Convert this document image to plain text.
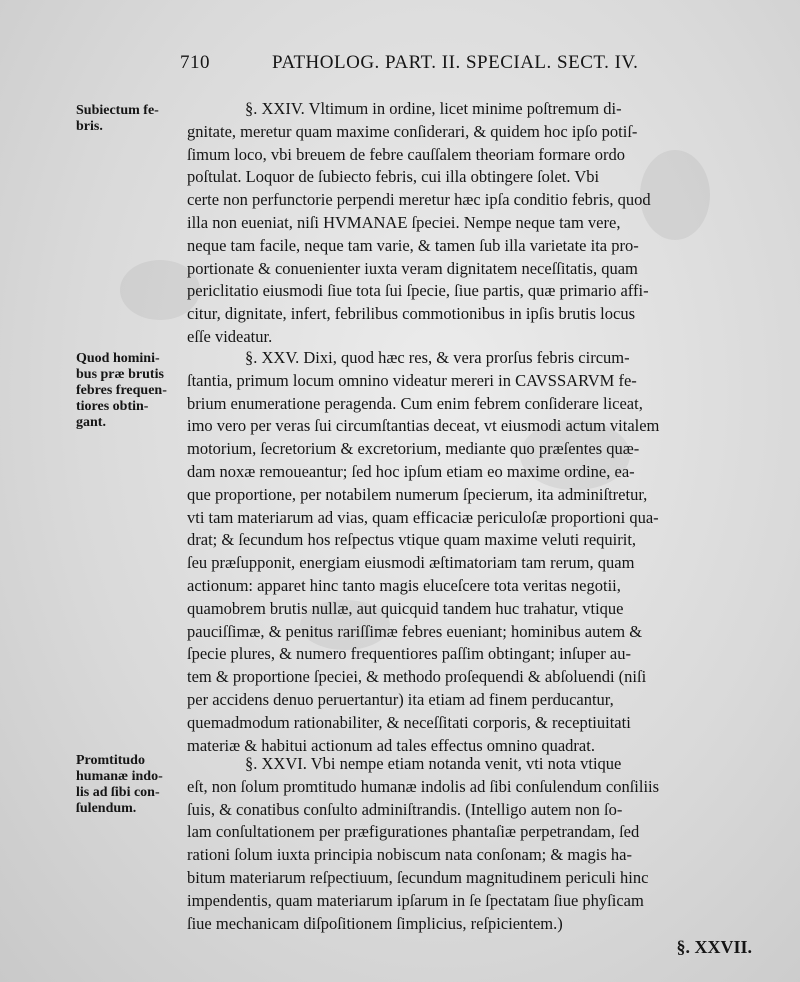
710	PATHOLOG. PART. II. SPECIAL. SECT. IV.
Subiectum fe-
bris.
§. XXIV. Vltimum in ordine, licet minime poſtremum di-
gnitate, meretur quam maxime conſiderari, & quidem hoc ipſo potiſ-
ſimum loco, vbi breuem de febre cauſſalem theoriam formare ordo
poſtulat. Loquor de ſubiecto febris, cui illa obtingere ſolet. Vbi
certe non perfunctorie perpendi meretur hæc ipſa conditio febris, quod
illa non eueniat, niſi HVMANAE ſpeciei. Nempe neque tam vere,
neque tam facile, neque tam varie, & tamen ſub illa varietate ita pro-
portionate & conuenienter iuxta veram dignitatem neceſſitatis, quam
periclitatio eiusmodi ſiue tota ſui ſpecie, ſiue partis, quæ primario affi-
citur, dignitate, infert, febrilibus commotionibus in ipſis brutis locus
eſſe videatur.
Quod homini-
bus præ brutis
febres frequen-
tiores obtin-
gant.
§. XXV. Dixi, quod hæc res, & vera prorſus febris circum-
ſtantia, primum locum omnino videatur mereri in CAVSSARVM fe-
brium enumeratione peragenda. Cum enim febrem conſiderare liceat,
imo vero per veras ſui circumſtantias deceat, vt eiusmodi actum vitalem
motorium, ſecretorium & excretorium, mediante quo præſentes quæ-
dam noxæ remoueantur; ſed hoc ipſum etiam eo maxime ordine, ea-
que proportione, per notabilem numerum ſpecierum, ita adminiſtretur,
vti tam materiarum ad vias, quam efficaciæ periculoſæ proportioni qua-
drat; & ſecundum hos reſpectus vtique quam maxime veluti requirit,
ſeu præſupponit, energiam eiusmodi æſtimatoriam tam rerum, quam
actionum: apparet hinc tanto magis eluceſcere tota veritas negotii,
quamobrem brutis nullæ, aut quicquid tandem huc trahatur, vtique
pauciſſimæ, & penitus rariſſimæ febres eueniant; hominibus autem &
ſpecie plures, & numero frequentiores paſſim obtingant; inſuper au-
tem & proportione ſpeciei, & methodo proſequendi & abſoluendi (niſi
per accidens denuo peruertantur) ita etiam ad finem perducantur,
quemadmodum rationabiliter, & neceſſitati corporis, & receptiuitati
materiæ & habitui actionum ad tales effectus omnino quadrat.
Promtitudo
humanæ indo-
lis ad ſibi con-
ſulendum.
§. XXVI. Vbi nempe etiam notanda venit, vti nota vtique
eſt, non ſolum promtitudo humanæ indolis ad ſibi conſulendum conſiliis
ſuis, & conatibus conſulto adminiſtrandis. (Intelligo autem non ſo-
lam conſultationem per præfigurationes phantaſiæ perpetrandam, ſed
rationi ſolum iuxta principia nobiscum nata conſonam; & magis ha-
bitum materiarum reſpectiuum, ſecundum magnitudinem periculi hinc
impendentis, quam materiarum ipſarum in ſe ſpectatam ſiue phyſicam
ſiue mechanicam diſpoſitionem ſimplicius, reſpicientem.)
§. XXVII.
